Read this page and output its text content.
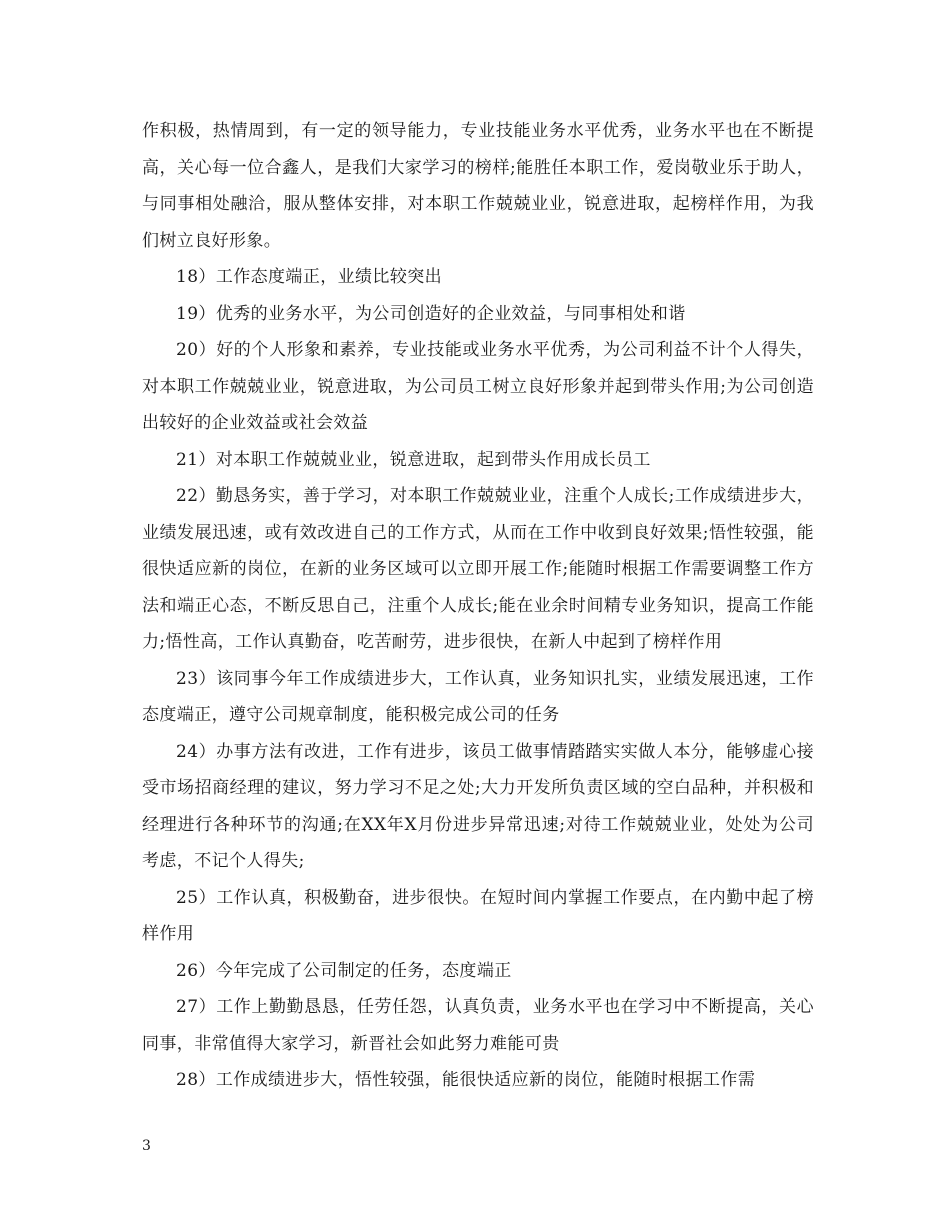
作积极，热情周到，有一定的领导能力，专业技能业务水平优秀，业务水平也在不断提高，关心每一位合鑫人，是我们大家学习的榜样;能胜任本职工作，爱岗敬业乐于助人，与同事相处融洽，服从整体安排，对本职工作兢兢业业，锐意进取，起榜样作用，为我们树立良好形象。

18）工作态度端正，业绩比较突出

19）优秀的业务水平，为公司创造好的企业效益，与同事相处和谐

20）好的个人形象和素养，专业技能或业务水平优秀，为公司利益不计个人得失，对本职工作兢兢业业，锐意进取，为公司员工树立良好形象并起到带头作用;为公司创造出较好的企业效益或社会效益

21）对本职工作兢兢业业，锐意进取，起到带头作用成长员工

22）勤恳务实，善于学习，对本职工作兢兢业业，注重个人成长;工作成绩进步大，业绩发展迅速，或有效改进自己的工作方式，从而在工作中收到良好效果;悟性较强，能很快适应新的岗位，在新的业务区域可以立即开展工作;能随时根据工作需要调整工作方法和端正心态，不断反思自己，注重个人成长;能在业余时间精专业务知识，提高工作能力;悟性高，工作认真勤奋，吃苦耐劳，进步很快，在新人中起到了榜样作用

23）该同事今年工作成绩进步大，工作认真，业务知识扎实，业绩发展迅速，工作态度端正，遵守公司规章制度，能积极完成公司的任务

24）办事方法有改进，工作有进步，该员工做事情踏踏实实做人本分，能够虚心接受市场招商经理的建议，努力学习不足之处;大力开发所负责区域的空白品种，并积极和经理进行各种环节的沟通;在XX年X月份进步异常迅速;对待工作兢兢业业，处处为公司考虑，不记个人得失;

25）工作认真，积极勤奋，进步很快。在短时间内掌握工作要点，在内勤中起了榜样作用

26）今年完成了公司制定的任务，态度端正

27）工作上勤勤恳恳，任劳任怨，认真负责，业务水平也在学习中不断提高，关心同事，非常值得大家学习，新晋社会如此努力难能可贵

28）工作成绩进步大，悟性较强，能很快适应新的岗位，能随时根据工作需

3
